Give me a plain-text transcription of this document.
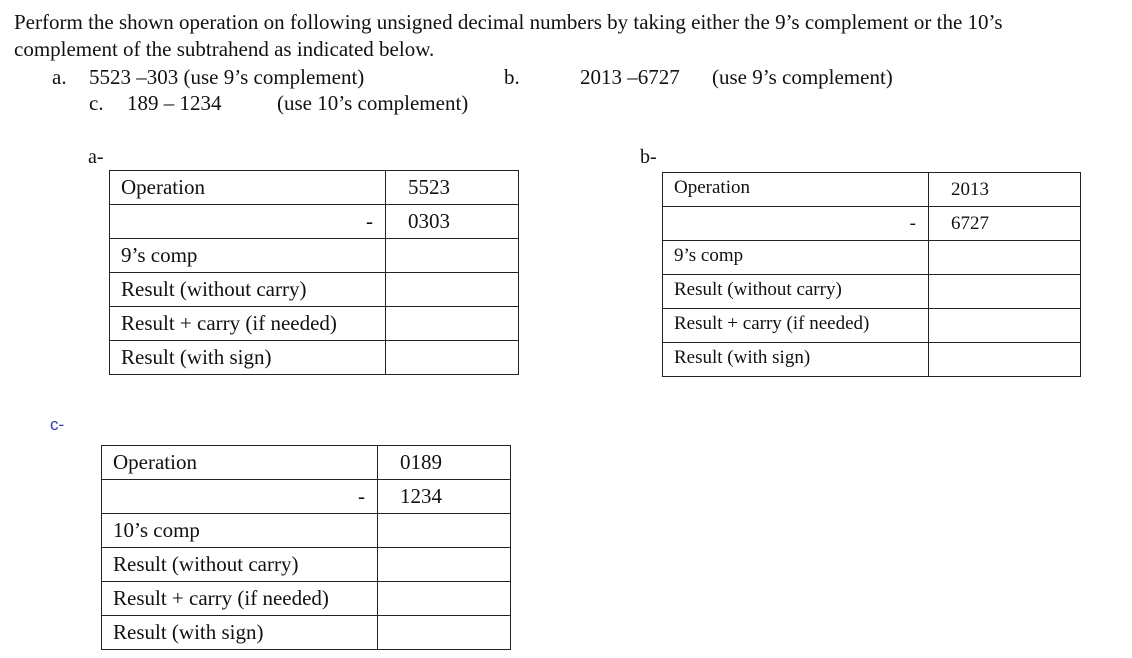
Perform the shown operation on following unsigned decimal numbers by taking either the 9’s complement or the 10’s
complement of the subtrahend as indicated below.

a. 5523 –303 (use 9’s complement)	b.	2013 –6727 (use 9’s complement)
c. 189 – 1234	(use 10’s complement)
a-	b-
c-
Operation	5523
-	0303
9’s comp	
Result (without carry)	
Result + carry (if needed)	
Result (with sign)	
Operation	2013
-	6727
9’s comp	
Result (without carry)	
Result + carry (if needed)	
Result (with sign)	
Operation	0189
-	1234
10’s comp	
Result (without carry)	
Result + carry (if needed)	
Result (with sign)	
